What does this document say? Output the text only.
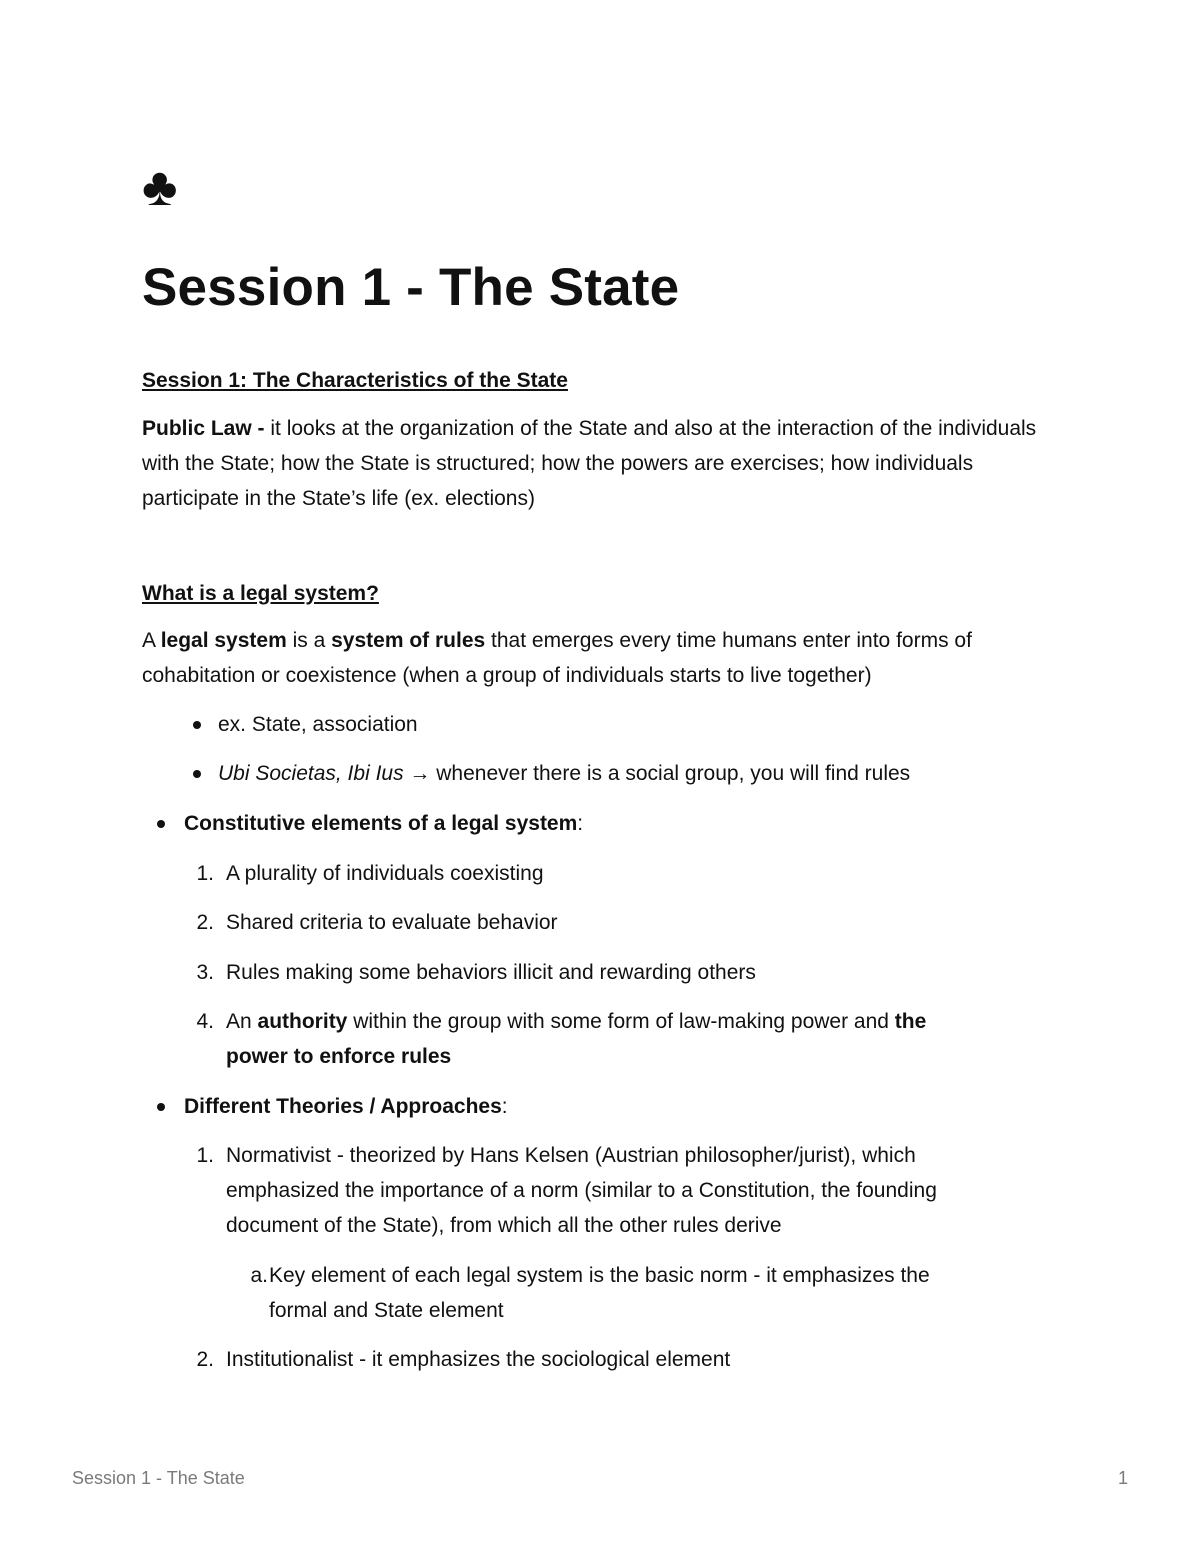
♣
Session 1 - The State
Session 1: The Characteristics of the State

Public Law - it looks at the organization of the State and also at the interaction of the individuals with the State; how the State is structured; how the powers are exercises; how individuals participate in the State’s life (ex. elections)

What is a legal system?

A legal system is a system of rules that emerges every time humans enter into forms of cohabitation or coexistence (when a group of individuals starts to live together)

ex. State, association
Ubi Societas, Ibi Ius → whenever there is a social group, you will find rules
Constitutive elements of a legal system:
1. A plurality of individuals coexisting
2. Shared criteria to evaluate behavior
3. Rules making some behaviors illicit and rewarding others
4. An authority within the group with some form of law-making power and the
power to enforce rules
Different Theories / Approaches:
1. Normativist - theorized by Hans Kelsen (Austrian philosopher/jurist), which
emphasized the importance of a norm (similar to a Constitution, the founding
document of the State), from which all the other rules derive
a. Key element of each legal system is the basic norm - it emphasizes the
formal and State element
2. Institutionalist - it emphasizes the sociological element
Session 1 - The State	1
